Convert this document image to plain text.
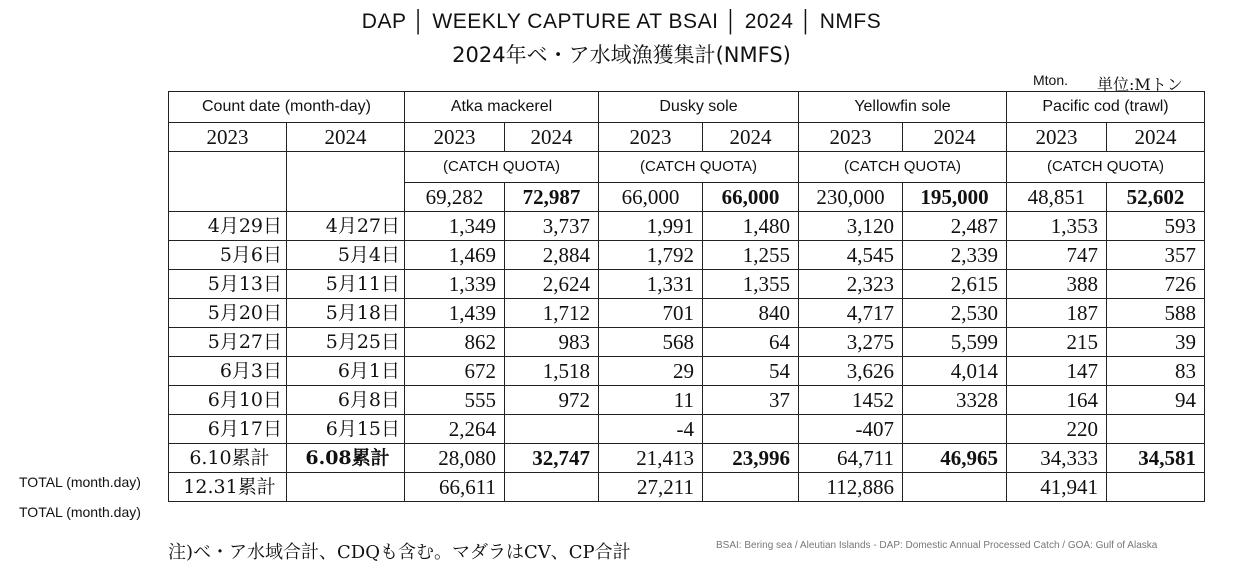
DAP │ WEEKLY CAPTURE AT BSAI │ 2024 │ NMFS
2024年ベ・ア水域漁獲集計(NMFS)
Mton. 単位:Mトン
Count date (month-day)		Atka mackerel		Dusky sole		Yellowfin sole		Pacific cod (trawl)	
2023	2024	2023	2024	2023	2024	2023	2024	2023	2024
		(CATCH QUOTA)		(CATCH QUOTA)		(CATCH QUOTA)		(CATCH QUOTA)	
		69,282	72,987	66,000	66,000	230,000	195,000	48,851	52,602
4月29日	4月27日	1,349	3,737	1,991	1,480	3,120	2,487	1,353	593
5月6日	5月4日	1,469	2,884	1,792	1,255	4,545	2,339	747	357
5月13日	5月11日	1,339	2,624	1,331	1,355	2,323	2,615	388	726
5月20日	5月18日	1,439	1,712	701	840	4,717	2,530	187	588
5月27日	5月25日	862	983	568	64	3,275	5,599	215	39
6月3日	6月1日	672	1,518	29	54	3,626	4,014	147	83
6月10日	6月8日	555	972	11	37	1452	3328	164	94
6月17日	6月15日	2,264		-4		-407		220	
6.10累計	6.08累計	28,080	32,747	21,413	23,996	64,711	46,965	34,333	34,581
12.31累計		66,611		27,211		112,886		41,941	
TOTAL (month.day)
TOTAL (month.day)
注)ベ・ア水域合計、CDQも含む。マダラはCV、CP合計	BSAI: Bering sea / Aleutian Islands - DAP: Domestic Annual Processed Catch / GOA: Gulf of Alaska
